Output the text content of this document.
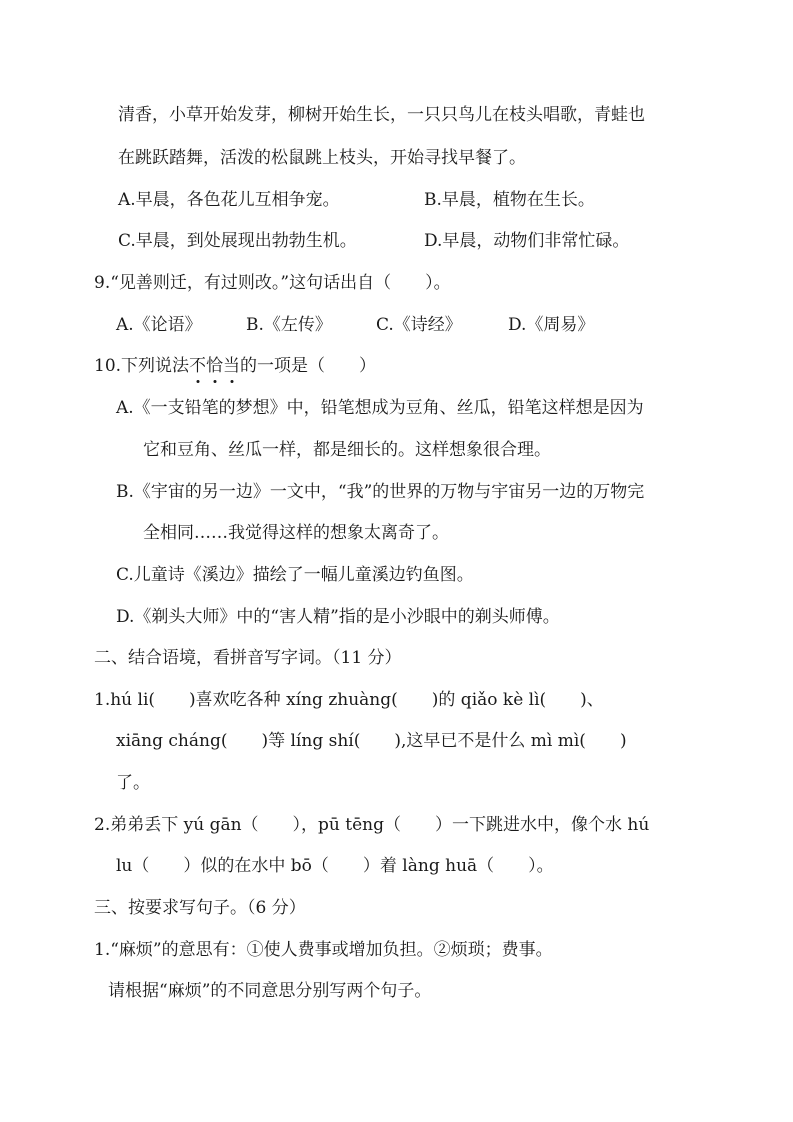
清香，小草开始发芽，柳树开始生长，一只只鸟儿在枝头唱歌，青蛙也
在跳跃踏舞，活泼的松鼠跳上枝头，开始寻找早餐了。
A.早晨，各色花儿互相争宠。	B.早晨，植物在生长。
C.早晨，到处展现出勃勃生机。	D.早晨，动物们非常忙碌。
9.“见善则迁，有过则改。”这句话出自（　　）。
A.《论语》	B.《左传》	C.《诗经》	D.《周易》
10.下列说法不恰当的一项是（　　）
A.《一支铅笔的梦想》中，铅笔想成为豆角、丝瓜，铅笔这样想是因为
它和豆角、丝瓜一样，都是细长的。这样想象很合理。
B.《宇宙的另一边》一文中，“我”的世界的万物与宇宙另一边的万物完
全相同……我觉得这样的想象太离奇了。
C.儿童诗《溪边》描绘了一幅儿童溪边钓鱼图。
D.《剃头大师》中的“害人精”指的是小沙眼中的剃头师傅。
二、结合语境，看拼音写字词。（11 分）
1.hú li(　　)喜欢吃各种 xíng zhuàng(　　)的 qiǎo kè lì(　　)、
xiāng cháng(　　)等 líng shí(　　),这早已不是什么 mì mì(　　)
了。
2.弟弟丢下 yú gān（　　），pū tēng（　　）一下跳进水中，像个水 hú
lu（　　）似的在水中 bō（　　）着 làng huā（　　）。
三、按要求写句子。（6 分）
1.“麻烦”的意思有：①使人费事或增加负担。②烦琐；费事。
请根据“麻烦”的不同意思分别写两个句子。
